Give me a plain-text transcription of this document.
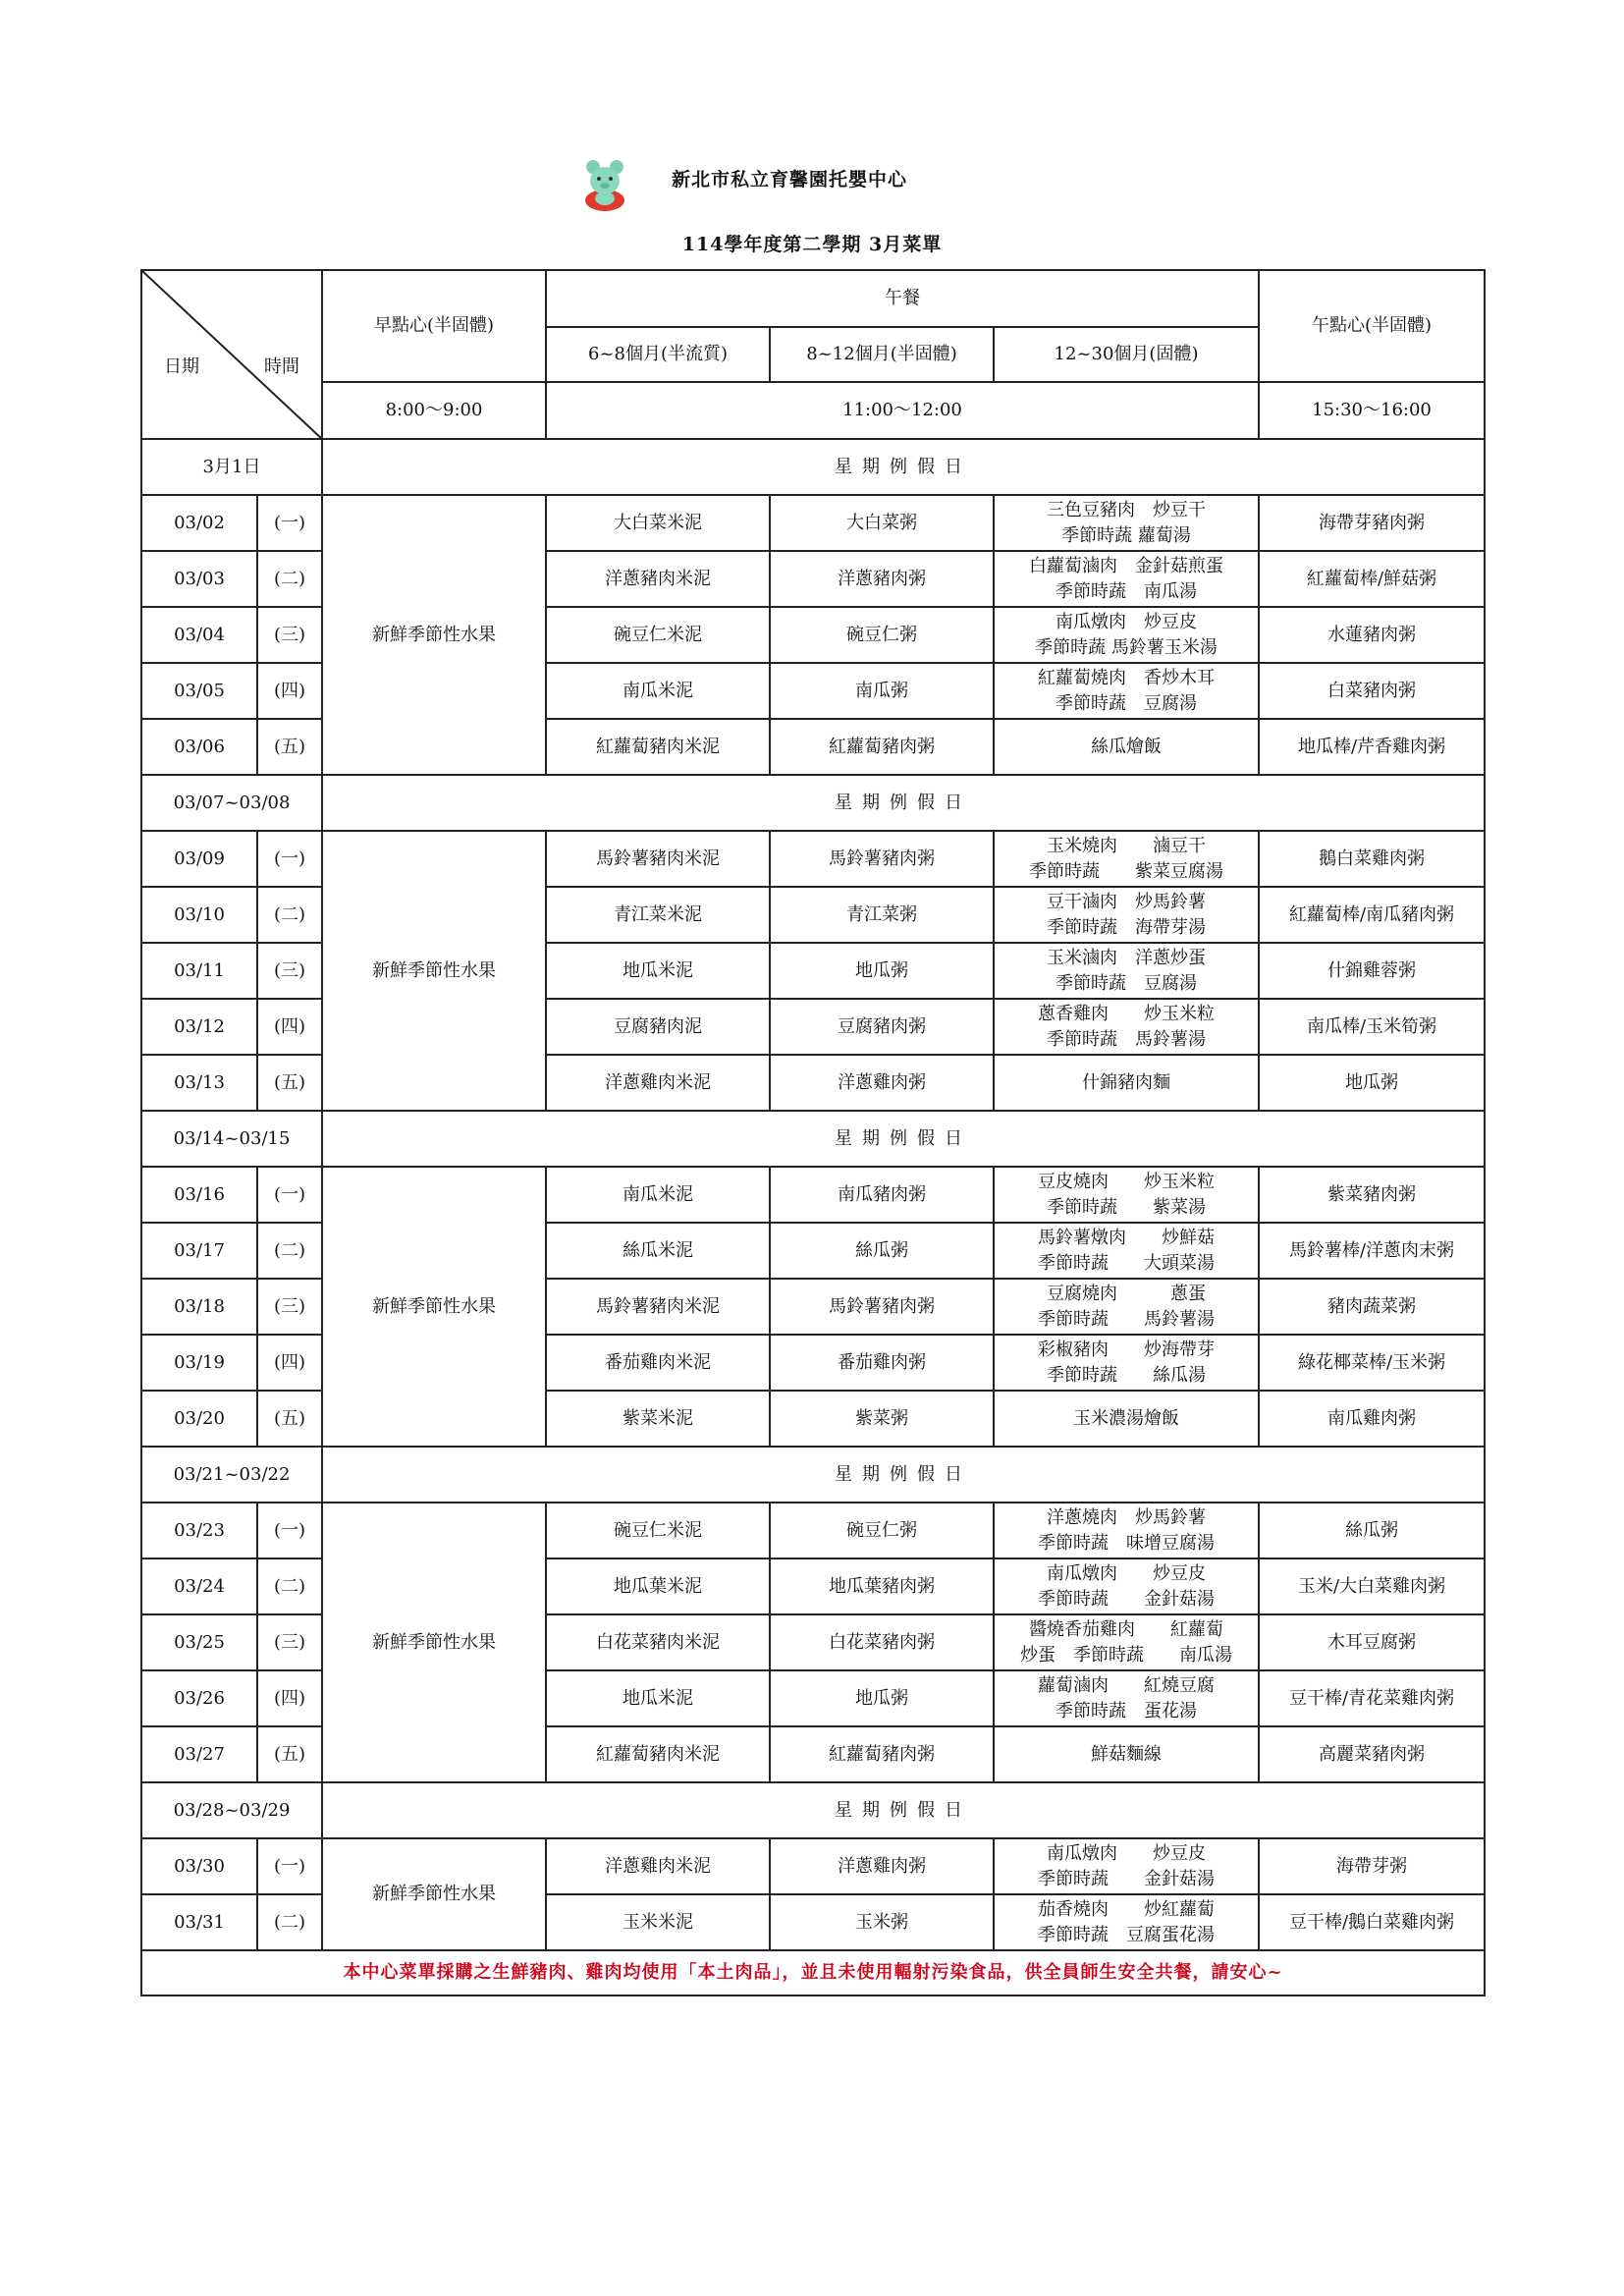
新北市私立育馨園托嬰中心
114學年度第二學期 3月菜單
日期 時間		早點心(半固體)	午餐			午點心(半固體)
			6~8個月(半流質)	8~12個月(半固體)	12~30個月(固體)	
		8:00～9:00	11:00～12:00			15:30～16:00
3月1日		星期例假日				
03/02	(一)	新鮮季節性水果	大白菜米泥	大白菜粥	三色豆豬肉　炒豆干
季節時蔬 蘿蔔湯	海帶芽豬肉粥
03/03	(二)		洋蔥豬肉米泥	洋蔥豬肉粥	白蘿蔔滷肉　金針菇煎蛋
季節時蔬　南瓜湯	紅蘿蔔棒/鮮菇粥
03/04	(三)		碗豆仁米泥	碗豆仁粥	南瓜燉肉　炒豆皮
季節時蔬 馬鈴薯玉米湯	水蓮豬肉粥
03/05	(四)		南瓜米泥	南瓜粥	紅蘿蔔燒肉　香炒木耳
季節時蔬　豆腐湯	白菜豬肉粥
03/06	(五)		紅蘿蔔豬肉米泥	紅蘿蔔豬肉粥	絲瓜燴飯	地瓜棒/芹香雞肉粥
03/07~03/08		星期例假日				
03/09	(一)	新鮮季節性水果	馬鈴薯豬肉米泥	馬鈴薯豬肉粥	玉米燒肉　　滷豆干
季節時蔬　　紫菜豆腐湯	鵝白菜雞肉粥
03/10	(二)		青江菜米泥	青江菜粥	豆干滷肉　炒馬鈴薯
季節時蔬　海帶芽湯	紅蘿蔔棒/南瓜豬肉粥
03/11	(三)		地瓜米泥	地瓜粥	玉米滷肉　洋蔥炒蛋
季節時蔬　豆腐湯	什錦雞蓉粥
03/12	(四)		豆腐豬肉泥	豆腐豬肉粥	蔥香雞肉　　炒玉米粒
季節時蔬　馬鈴薯湯	南瓜棒/玉米筍粥
03/13	(五)		洋蔥雞肉米泥	洋蔥雞肉粥	什錦豬肉麵	地瓜粥
03/14~03/15		星期例假日				
03/16	(一)	新鮮季節性水果	南瓜米泥	南瓜豬肉粥	豆皮燒肉　　炒玉米粒
季節時蔬　　紫菜湯	紫菜豬肉粥
03/17	(二)		絲瓜米泥	絲瓜粥	馬鈴薯燉肉　　炒鮮菇
季節時蔬　　大頭菜湯	馬鈴薯棒/洋蔥肉末粥
03/18	(三)		馬鈴薯豬肉米泥	馬鈴薯豬肉粥	豆腐燒肉　　　蔥蛋
季節時蔬　　馬鈴薯湯	豬肉蔬菜粥
03/19	(四)		番茄雞肉米泥	番茄雞肉粥	彩椒豬肉　　炒海帶芽
季節時蔬　　絲瓜湯	綠花椰菜棒/玉米粥
03/20	(五)		紫菜米泥	紫菜粥	玉米濃湯燴飯	南瓜雞肉粥
03/21~03/22		星期例假日				
03/23	(一)	新鮮季節性水果	碗豆仁米泥	碗豆仁粥	洋蔥燒肉　炒馬鈴薯
季節時蔬　味增豆腐湯	絲瓜粥
03/24	(二)		地瓜葉米泥	地瓜葉豬肉粥	南瓜燉肉　　炒豆皮
季節時蔬　　金針菇湯	玉米/大白菜雞肉粥
03/25	(三)		白花菜豬肉米泥	白花菜豬肉粥	醬燒香茄雞肉　　紅蘿蔔
炒蛋　季節時蔬　　南瓜湯	木耳豆腐粥
03/26	(四)		地瓜米泥	地瓜粥	蘿蔔滷肉　　紅燒豆腐
季節時蔬　蛋花湯	豆干棒/青花菜雞肉粥
03/27	(五)		紅蘿蔔豬肉米泥	紅蘿蔔豬肉粥	鮮菇麵線	高麗菜豬肉粥
03/28~03/29		星期例假日				
03/30	(一)	新鮮季節性水果	洋蔥雞肉米泥	洋蔥雞肉粥	南瓜燉肉　　炒豆皮
季節時蔬　　金針菇湯	海帶芽粥
03/31	(二)		玉米米泥	玉米粥	茄香燒肉　　炒紅蘿蔔
季節時蔬　豆腐蛋花湯	豆干棒/鵝白菜雞肉粥
本中心菜單採購之生鮮豬肉、雞肉均使用「本土肉品」，並且未使用輻射污染食品，供全員師生安全共餐，請安心~						
